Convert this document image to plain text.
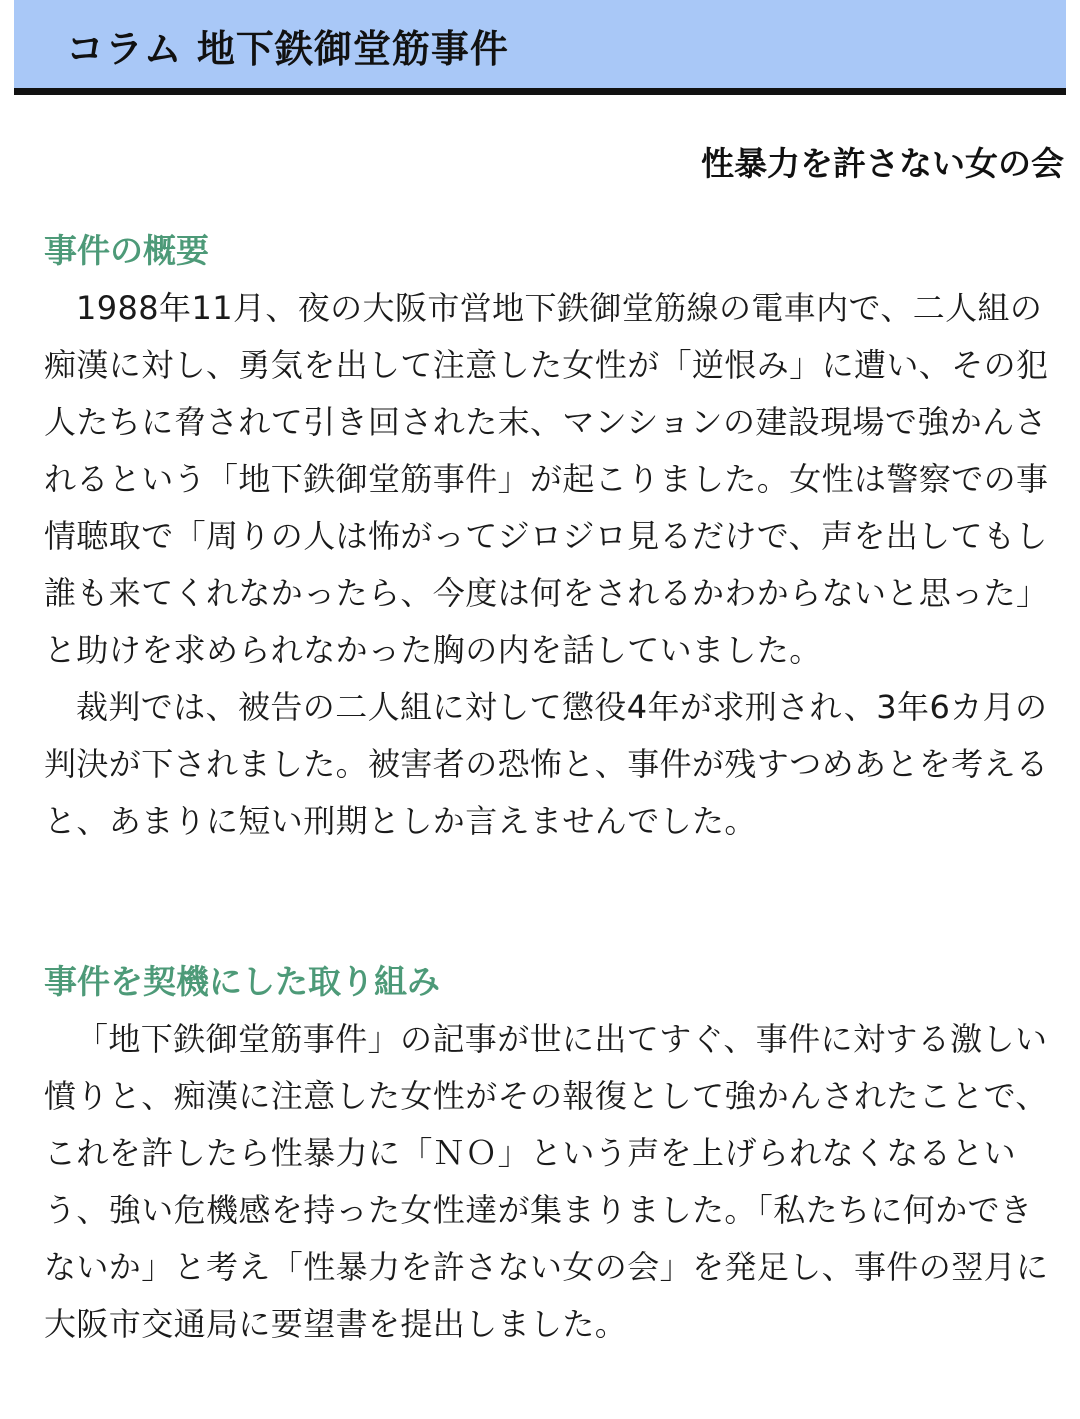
コラム 地下鉄御堂筋事件
性暴力を許さない女の会
事件の概要

1988年11月、夜の大阪市営地下鉄御堂筋線の電車内で、二人組の痴漢に対し、勇気を出して注意した女性が「逆恨み」に遭い、その犯人たちに脅されて引き回された末、マンションの建設現場で強かんされるという「地下鉄御堂筋事件」が起こりました。女性は警察での事情聴取で「周りの人は怖がってジロジロ見るだけで、声を出してもし誰も来てくれなかったら、今度は何をされるかわからないと思った」と助けを求められなかった胸の内を話していました。

裁判では、被告の二人組に対して懲役4年が求刑され、3年6カ月の判決が下されました。被害者の恐怖と、事件が残すつめあとを考えると、あまりに短い刑期としか言えませんでした。

事件を契機にした取り組み

「地下鉄御堂筋事件」の記事が世に出てすぐ、事件に対する激しい憤りと、痴漢に注意した女性がその報復として強かんされたことで、これを許したら性暴力に「ＮＯ」という声を上げられなくなるという、強い危機感を持った女性達が集まりました。「私たちに何かできないか」と考え「性暴力を許さない女の会」を発足し、事件の翌月に大阪市交通局に要望書を提出しました。
